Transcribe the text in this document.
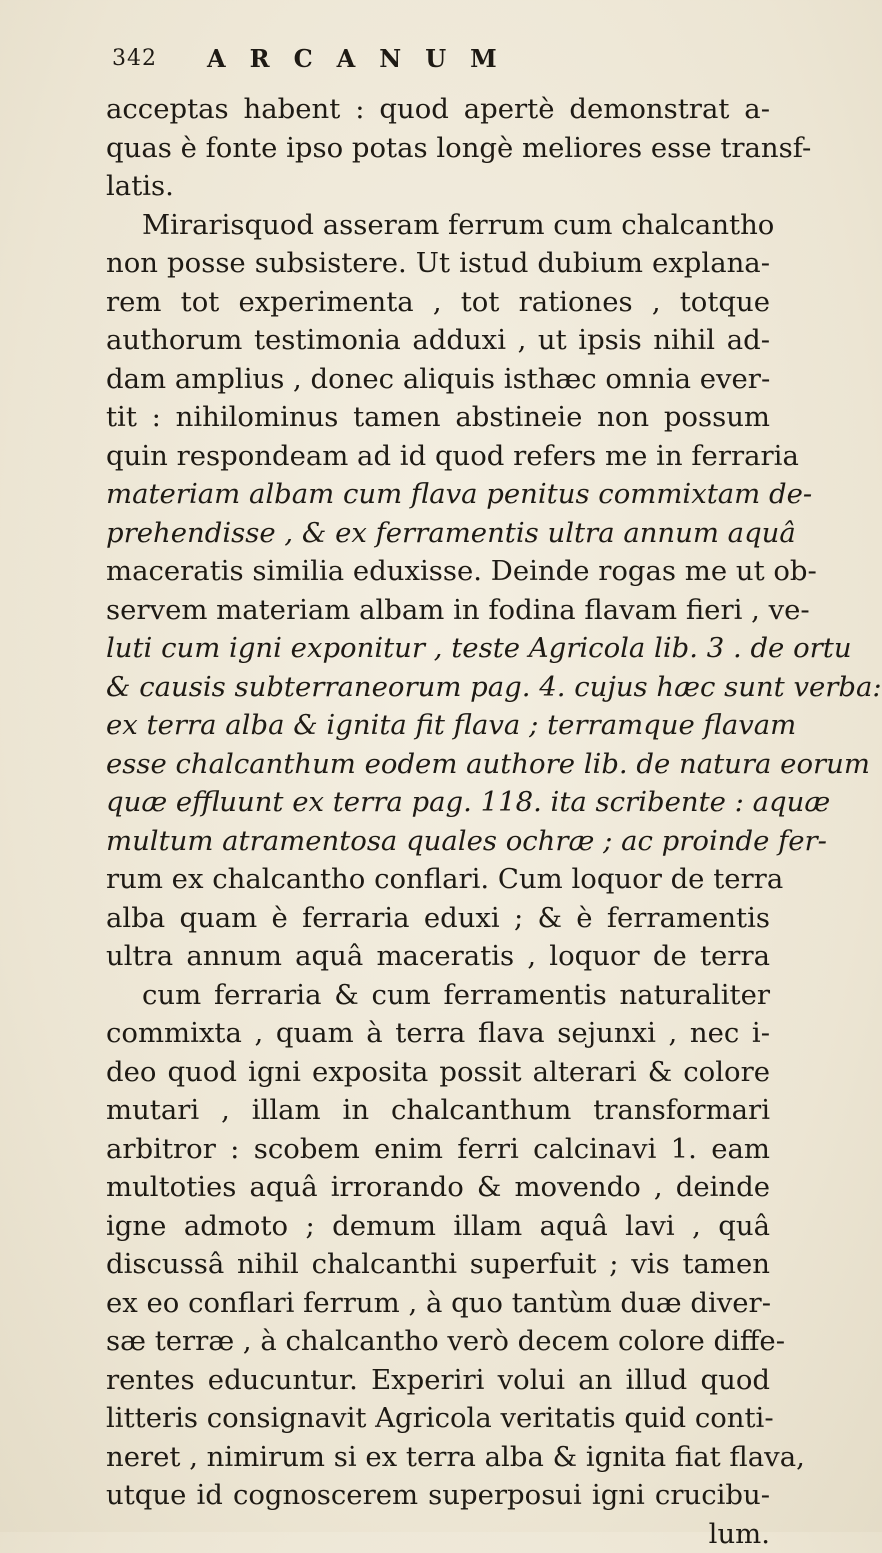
342 ARCANUM
acceptas habent : quod apertè demonstrat a-
quas è fonte ipso potas longè meliores esse transf-
latis.
Mirarisquod asseram ferrum cum chalcantho
non posse subsistere. Ut istud dubium explana-
rem tot experimenta , tot rationes , totque
authorum testimonia adduxi , ut ipsis nihil ad-
dam amplius , donec aliquis isthæc omnia ever-
tit : nihilominus tamen abstineie non possum
quin respondeam ad id quod refers me in ferraria
materiam albam cum flava penitus commixtam de-
prehendisse , & ex ferramentis ultra annum aquâ
maceratis similia eduxisse. Deinde rogas me ut ob-
servem materiam albam in fodina flavam fieri , ve-
luti cum igni exponitur , teste Agricola lib. 3 . de ortu
& causis subterraneorum pag. 4. cujus hæc sunt verba:
ex terra alba & ignita fit flava ; terramque flavam
esse chalcanthum eodem authore lib. de natura eorum
quæ effluunt ex terra pag. 118. ita scribente : aquæ
multum atramentosa quales ochræ ; ac proinde fer-
rum ex chalcantho conflari. Cum loquor de terra
alba quam è ferraria eduxi ; & è ferramentis
ultra annum aquâ maceratis , loquor de terra
cum ferraria & cum ferramentis naturaliter
commixta , quam à terra flava sejunxi , nec i-
deo quod igni exposita possit alterari & colore
mutari , illam in chalcanthum transformari
arbitror : scobem enim ferri calcinavi 1. eam
multoties aquâ irrorando & movendo , deinde
igne admoto ; demum illam aquâ lavi , quâ
discussâ nihil chalcanthi superfuit ; vis tamen
ex eo conflari ferrum , à quo tantùm duæ diver-
sæ terræ , à chalcantho verò decem colore diffe-
rentes educuntur. Experiri volui an illud quod
litteris consignavit Agricola veritatis quid conti-
neret , nimirum si ex terra alba & ignita fiat flava,
utque id cognoscerem superposui igni crucibu-
lum.
